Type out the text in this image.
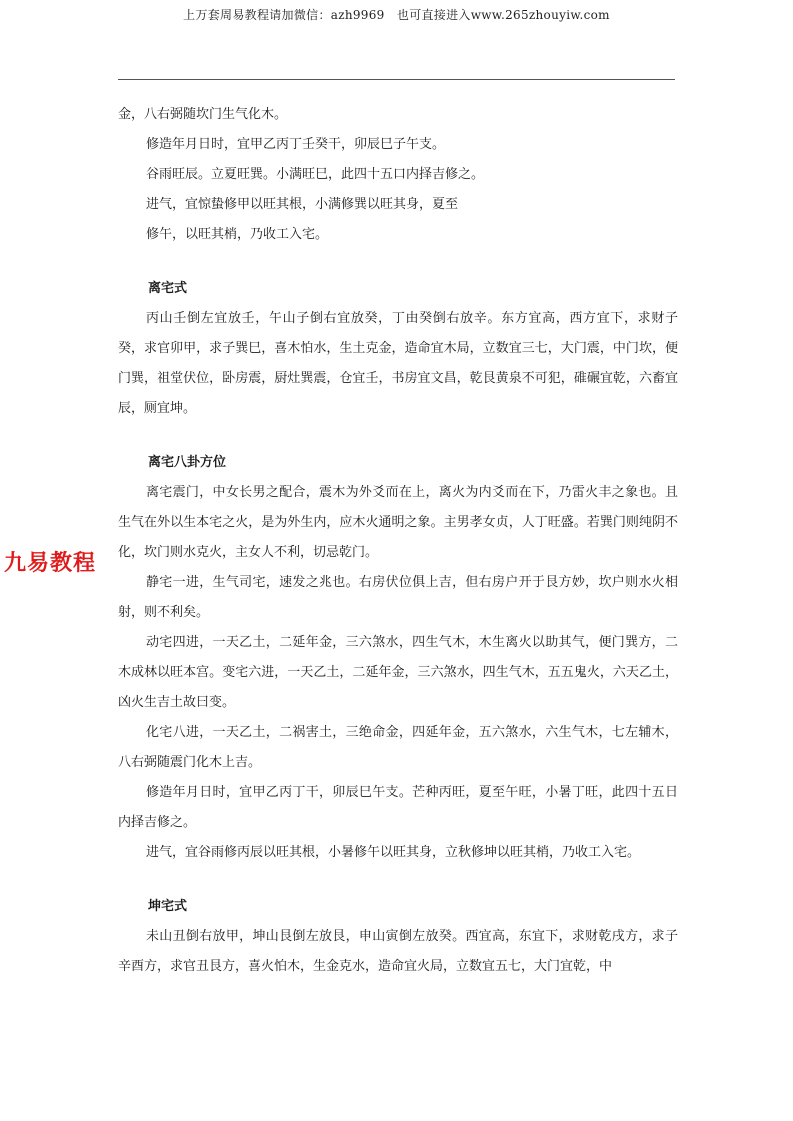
上万套周易教程请加微信：azh9969　也可直接进入www.265zhouyiw.com
九易教程

金，八右弼随坎门生气化木。

修造年月日时，宜甲乙丙丁壬癸干，卯辰巳子午支。

谷雨旺辰。立夏旺巽。小满旺巳，此四十五口内择吉修之。

进气，宜惊蛰修甲以旺其根，小满修巽以旺其身，夏至

修午，以旺其梢，乃收工入宅。

离宅式

丙山壬倒左宜放壬，午山子倒右宜放癸，丁由癸倒右放辛。东方宜高，西方宜下，求财子癸，求官卯甲，求子巽巳，喜木怕水，生土克金，造命宜木局，立数宜三七，大门震，中门坎，便门巽，祖堂伏位，卧房震，厨灶巽震，仓宜壬，书房宜文昌，乾艮黄泉不可犯，碓碾宜乾，六畜宜辰，厕宜坤。

离宅八卦方位

离宅震门，中女长男之配合，震木为外爻而在上，离火为内爻而在下，乃雷火丰之象也。且生气在外以生本宅之火，是为外生内，应木火通明之象。主男孝女贞，人丁旺盛。若巽门则纯阴不化，坎门则水克火，主女人不利，切忌乾门。

静宅一进，生气司宅，速发之兆也。右房伏位俱上吉，但右房户开于艮方妙，坎户则水火相射，则不利矣。

动宅四进，一天乙土，二延年金，三六煞水，四生气木，木生离火以助其气，便门巽方，二木成林以旺本宫。变宅六进，一天乙土，二延年金，三六煞水，四生气木，五五鬼火，六天乙土，凶火生吉土故曰变。

化宅八进，一天乙土，二祸害土，三绝命金，四延年金，五六煞水，六生气木，七左辅木，八右弼随震门化木上吉。

修造年月日时，宜甲乙丙丁干，卯辰巳午支。芒种丙旺，夏至午旺，小暑丁旺，此四十五日内择吉修之。

进气，宜谷雨修丙辰以旺其根，小暑修午以旺其身，立秋修坤以旺其梢，乃收工入宅。

坤宅式

未山丑倒右放甲，坤山艮倒左放艮，申山寅倒左放癸。西宜高，东宜下，求财乾戌方，求子辛酉方，求官丑艮方，喜火怕木，生金克水，造命宜火局，立数宜五七，大门宜乾，中
